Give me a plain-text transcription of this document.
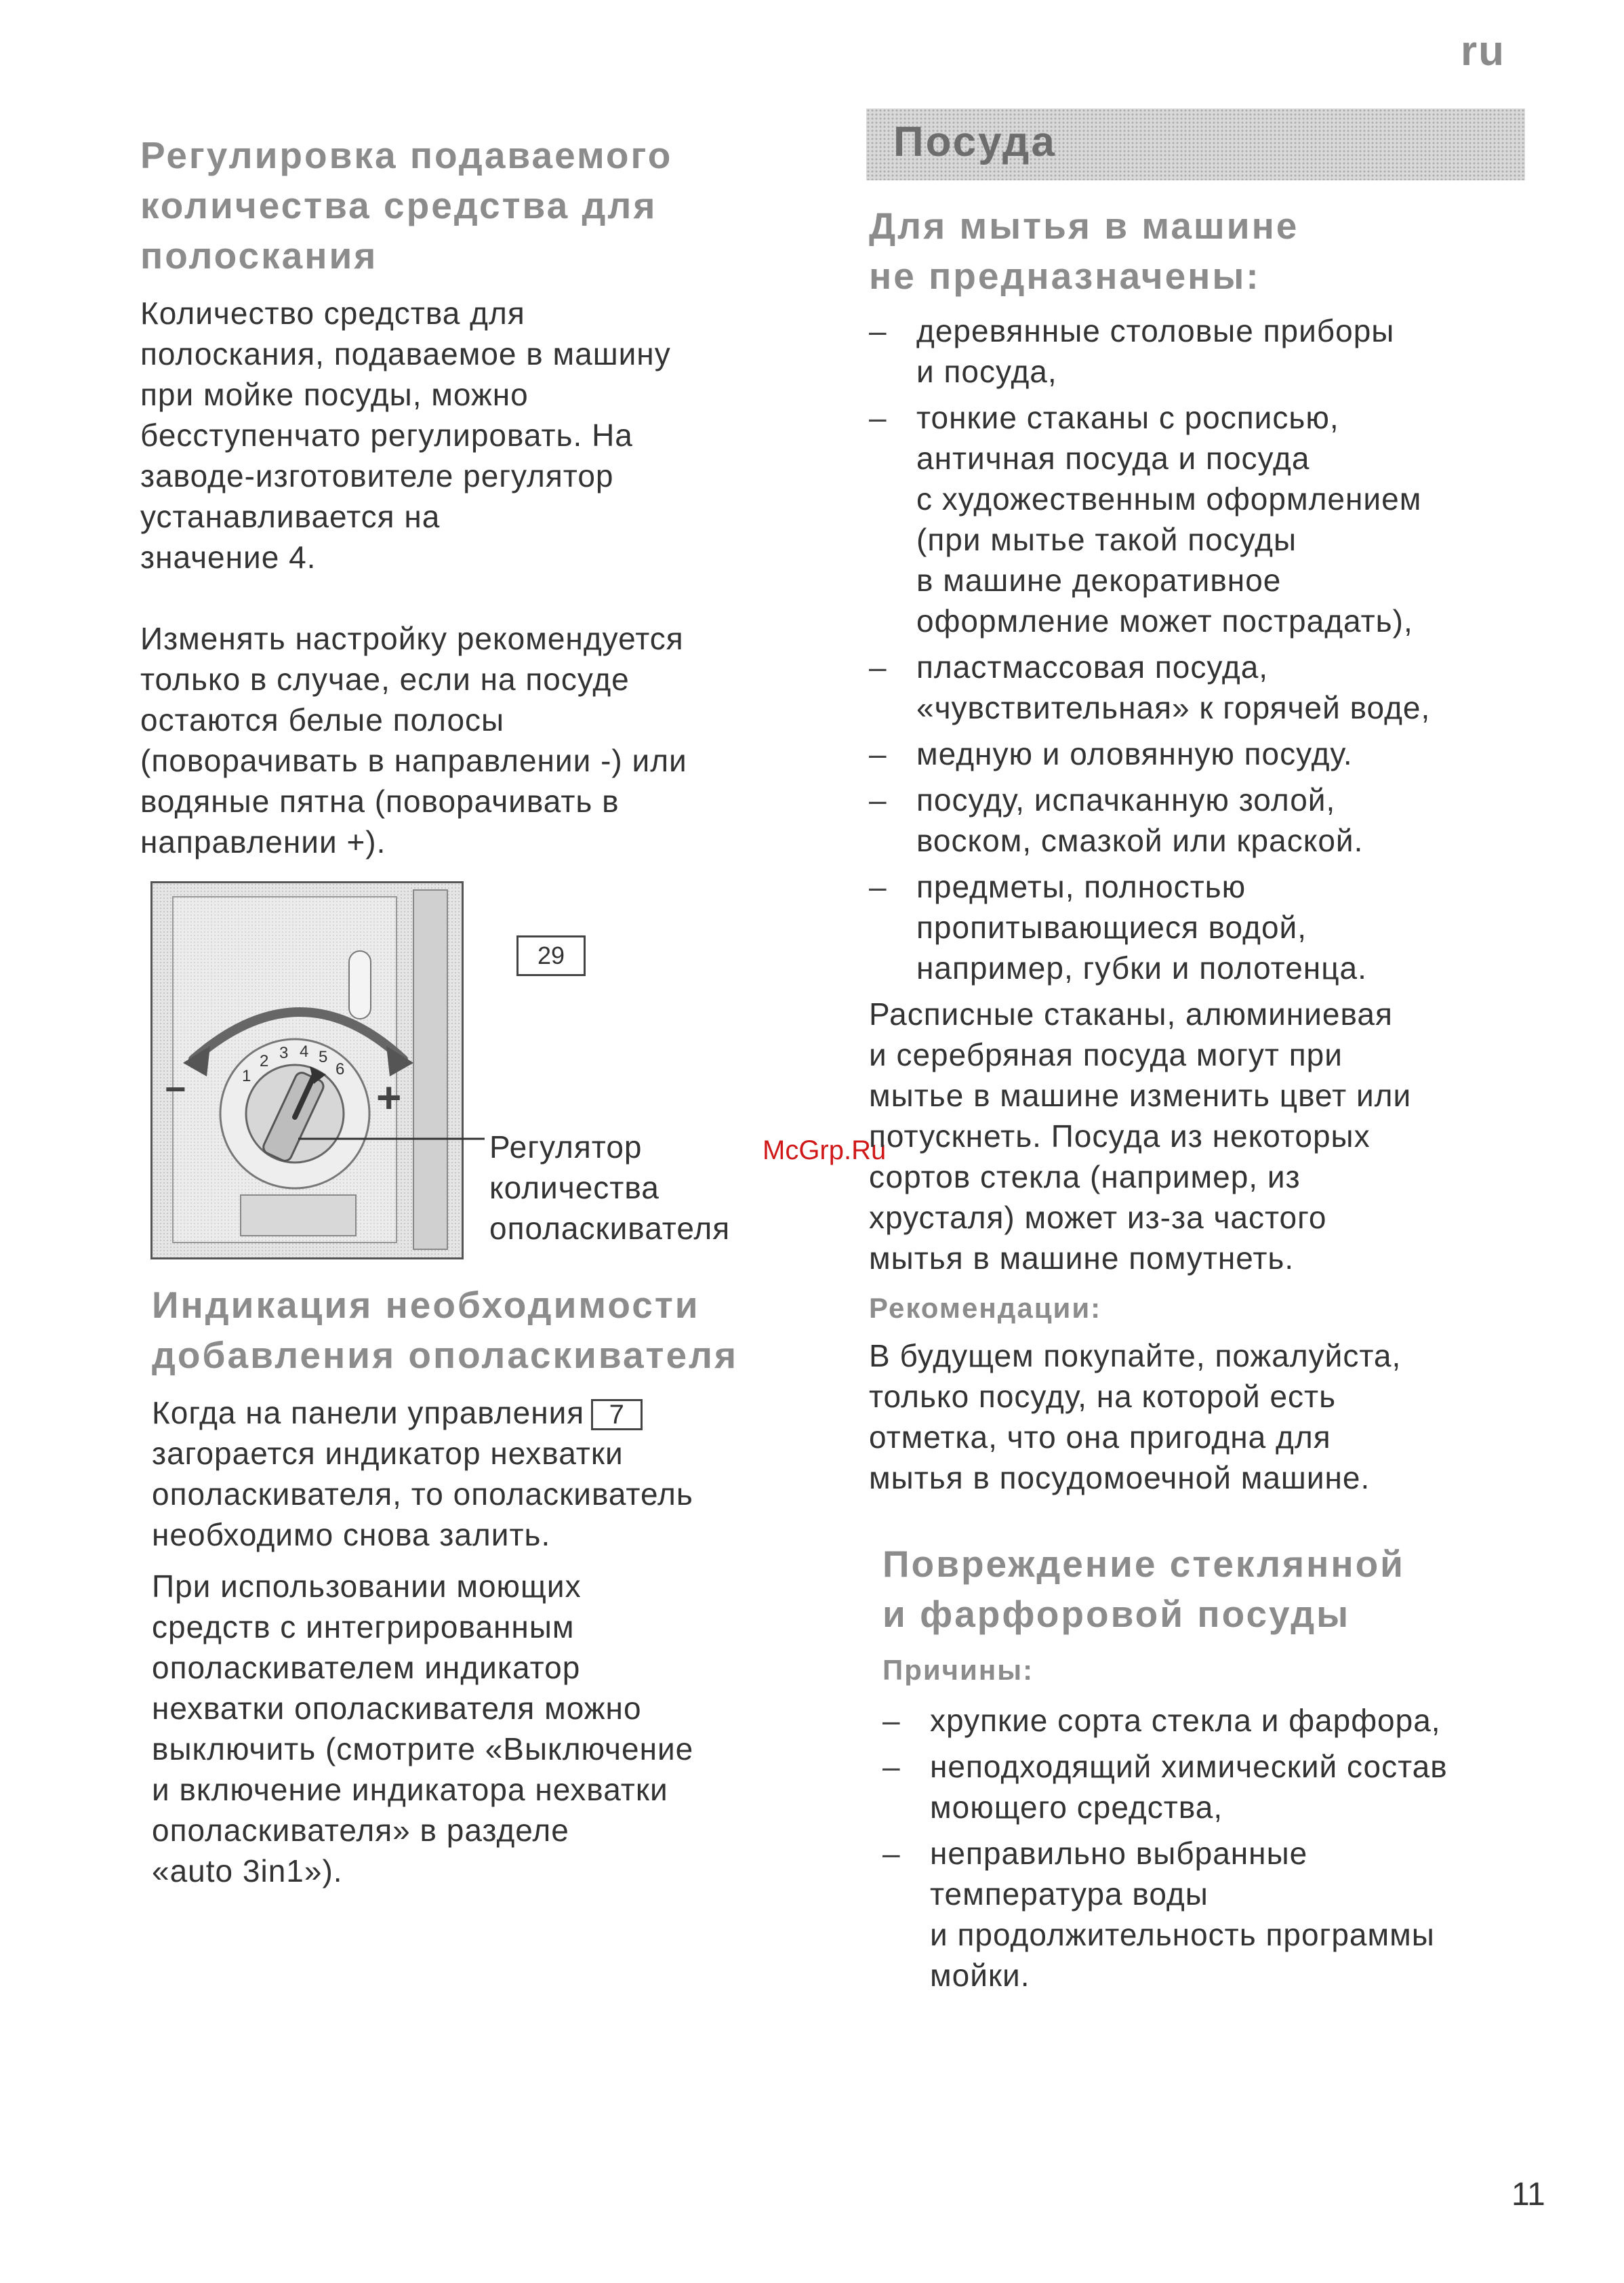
ru
11
McGrp.Ru
Регулировка подаваемого
количества средства для
полоскания
Количество средства для
полоскания, подаваемое в машину
при мойке посуды, можно
бесступенчато регулировать. На
заводе-изготовителе регулятор
устанавливается на
значение 4.
Изменять настройку рекомендуется
только в случае, если на посуде
остаются белые полосы
(поворачивать в направлении -) или
водяные пятна (поворачивать в
направлении +).
−	+
1
2 3 4 5
6
29
Регулятор
количества
ополаскивателя
Индикация необходимости
добавления ополаскивателя
Когда на панели управления 7
загорается индикатор нехватки
ополаскивателя, то ополаскиватель
необходимо снова залить.
При использовании моющих
средств с интегрированным
ополаскивателем индикатор
нехватки ополаскивателя можно
выключить (смотрите «Выключение
и включение индикатора нехватки
ополаскивателя» в разделе
«auto 3in1»).
Посуда
Для мытья в машине
не предназначены:
– деревянные столовые приборы
и посуда,
– тонкие стаканы с росписью,
античная посуда и посуда
с художественным оформлением
(при мытье такой посуды
в машине декоративное
оформление может пострадать),
– пластмассовая посуда,
«чувствительная» к горячей воде,
– медную и оловянную посуду.
– посуду, испачканную золой,
воском, смазкой или краской.
– предметы, полностью
пропитывающиеся водой,
например, губки и полотенца.
Расписные стаканы, алюминиевая
и серебряная посуда могут при
мытье в машине изменить цвет или
потускнеть. Посуда из некоторых
сортов стекла (например, из
хрусталя) может из-за частого
мытья в машине помутнеть.
Рекомендации:
В будущем покупайте, пожалуйста,
только посуду, на которой есть
отметка, что она пригодна для
мытья в посудомоечной машине.
Повреждение стеклянной
и фарфоровой посуды
Причины:
– хрупкие сорта стекла и фарфора,
– неподходящий химический состав
моющего средства,
– неправильно выбранные
температура воды
и продолжительность программы
мойки.
